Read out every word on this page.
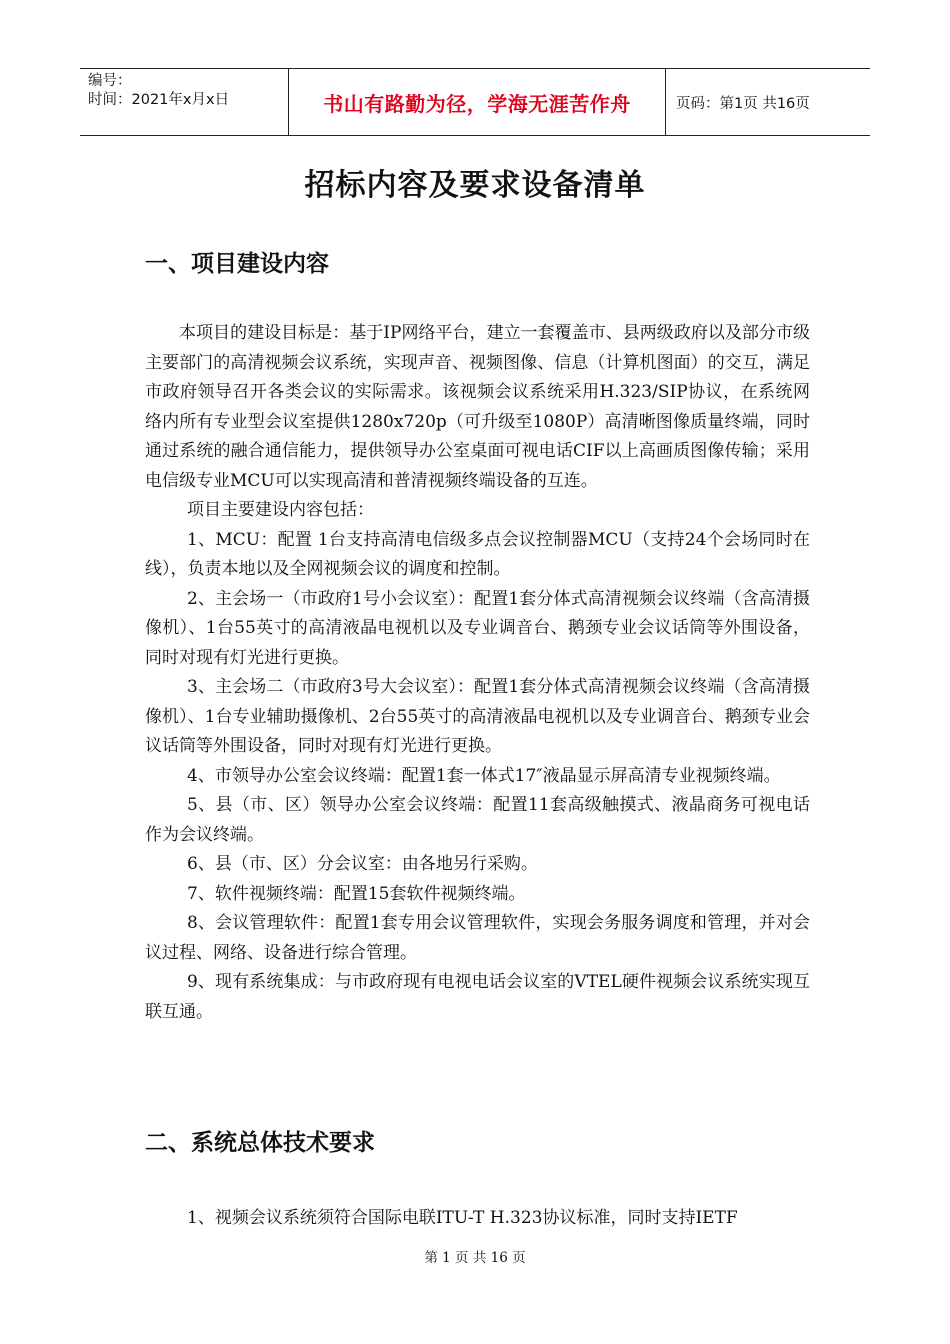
编号：
时间：2021年x月x日	书山有路勤为径，学海无涯苦作舟	页码：第1页 共16页
招标内容及要求设备清单
一、项目建设内容

本项目的建设目标是：基于IP网络平台，建立一套覆盖市、县两级政府以及部分市级主要部门的高清视频会议系统，实现声音、视频图像、信息（计算机图面）的交互，满足市政府领导召开各类会议的实际需求。该视频会议系统采用H.323/SIP协议，在系统网络内所有专业型会议室提供1280x720p（可升级至1080P）高清晰图像质量终端，同时通过系统的融合通信能力，提供领导办公室桌面可视电话CIF以上高画质图像传输；采用电信级专业MCU可以实现高清和普清视频终端设备的互连。

项目主要建设内容包括：

1、MCU：配置 1台支持高清电信级多点会议控制器MCU（支持24个会场同时在线），负责本地以及全网视频会议的调度和控制。

2、主会场一（市政府1号小会议室）：配置1套分体式高清视频会议终端（含高清摄像机）、1台55英寸的高清液晶电视机以及专业调音台、鹅颈专业会议话筒等外围设备，同时对现有灯光进行更换。

3、主会场二（市政府3号大会议室）：配置1套分体式高清视频会议终端（含高清摄像机）、1台专业辅助摄像机、2台55英寸的高清液晶电视机以及专业调音台、鹅颈专业会议话筒等外围设备，同时对现有灯光进行更换。

4、市领导办公室会议终端：配置1套一体式17″液晶显示屏高清专业视频终端。

5、县（市、区）领导办公室会议终端：配置11套高级触摸式、液晶商务可视电话作为会议终端。

6、县（市、区）分会议室：由各地另行采购。

7、软件视频终端：配置15套软件视频终端。

8、会议管理软件：配置1套专用会议管理软件，实现会务服务调度和管理，并对会议过程、网络、设备进行综合管理。

9、现有系统集成：与市政府现有电视电话会议室的VTEL硬件视频会议系统实现互联互通。

二、系统总体技术要求

1、视频会议系统须符合国际电联ITU-T H.323协议标准，同时支持IETF

第 1 页 共 16 页
